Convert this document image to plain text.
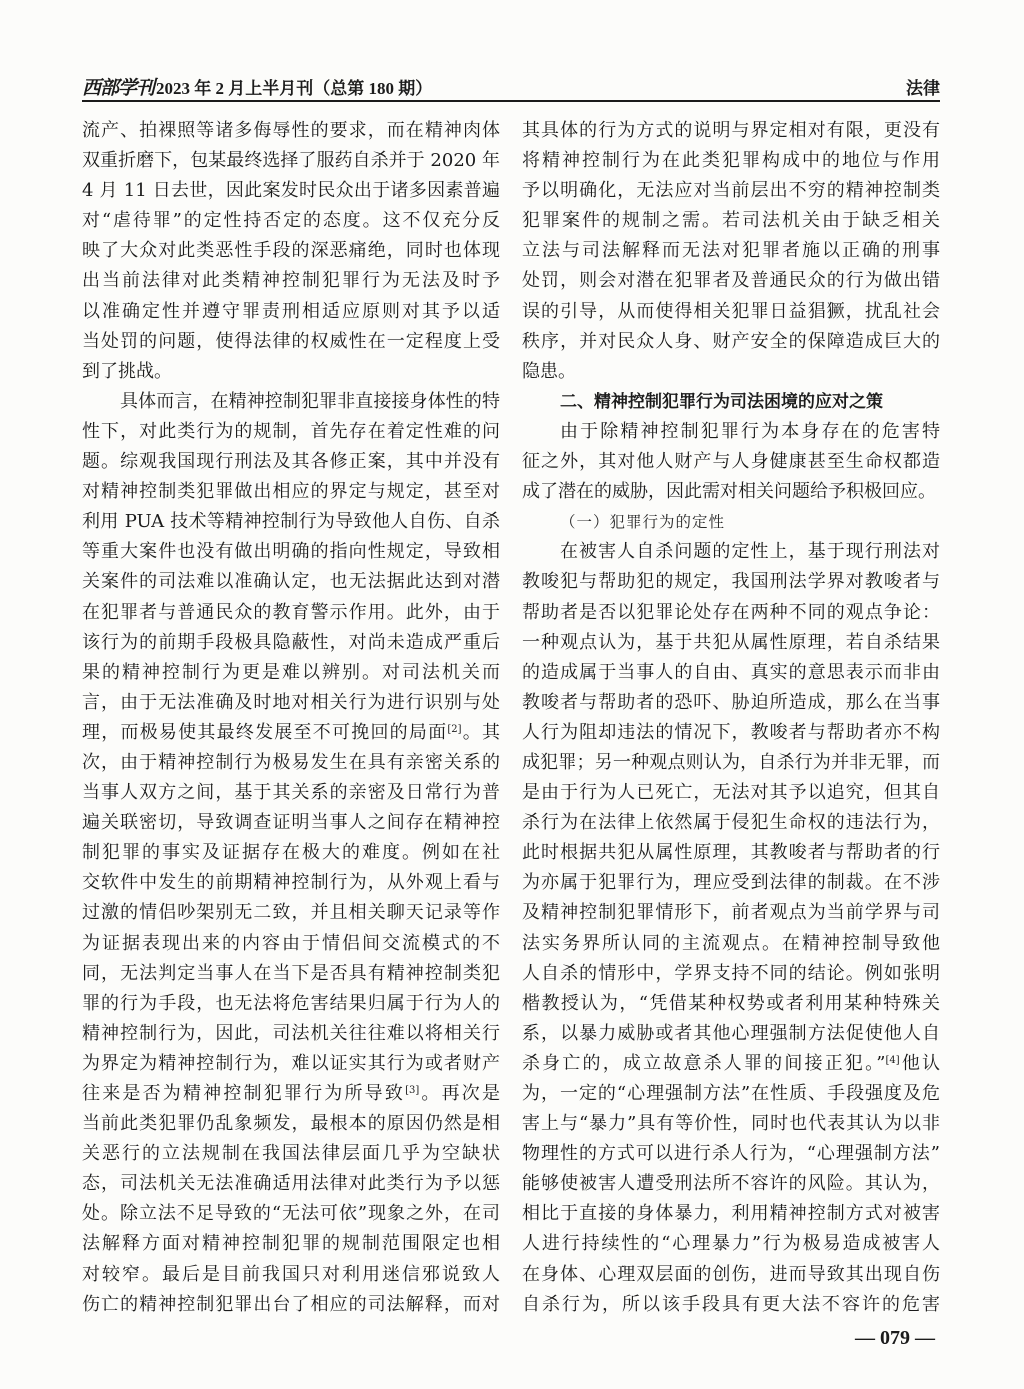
西部学刊 2023 年 2 月上半月刊（总第 180 期）	法律
流产、拍裸照等诸多侮辱性的要求，而在精神肉体
双重折磨下，包某最终选择了服药自杀并于 2020 年
4 月 11 日去世，因此案发时民众出于诸多因素普遍
对“虐待罪”的定性持否定的态度。这不仅充分反
映了大众对此类恶性手段的深恶痛绝，同时也体现
出当前法律对此类精神控制犯罪行为无法及时予
以准确定性并遵守罪责刑相适应原则对其予以适
当处罚的问题，使得法律的权威性在一定程度上受
到了挑战。
具体而言，在精神控制犯罪非直接接身体性的特
性下，对此类行为的规制，首先存在着定性难的问
题。综观我国现行刑法及其各修正案，其中并没有
对精神控制类犯罪做出相应的界定与规定，甚至对
利用 PUA 技术等精神控制行为导致他人自伤、自杀
等重大案件也没有做出明确的指向性规定，导致相
关案件的司法难以准确认定，也无法据此达到对潜
在犯罪者与普通民众的教育警示作用。此外，由于
该行为的前期手段极具隐蔽性，对尚未造成严重后
果的精神控制行为更是难以辨别。对司法机关而
言，由于无法准确及时地对相关行为进行识别与处
理，而极易使其最终发展至不可挽回的局面[2]。其
次，由于精神控制行为极易发生在具有亲密关系的
当事人双方之间，基于其关系的亲密及日常行为普
遍关联密切，导致调查证明当事人之间存在精神控
制犯罪的事实及证据存在极大的难度。例如在社
交软件中发生的前期精神控制行为，从外观上看与
过激的情侣吵架别无二致，并且相关聊天记录等作
为证据表现出来的内容由于情侣间交流模式的不
同，无法判定当事人在当下是否具有精神控制类犯
罪的行为手段，也无法将危害结果归属于行为人的
精神控制行为，因此，司法机关往往难以将相关行
为界定为精神控制行为，难以证实其行为或者财产
往来是否为精神控制犯罪行为所导致[3]。再次是
当前此类犯罪仍乱象频发，最根本的原因仍然是相
关恶行的立法规制在我国法律层面几乎为空缺状
态，司法机关无法准确适用法律对此类行为予以惩
处。除立法不足导致的“无法可依”现象之外，在司
法解释方面对精神控制犯罪的规制范围限定也相
对较窄。最后是目前我国只对利用迷信邪说致人
伤亡的精神控制犯罪出台了相应的司法解释，而对
其具体的行为方式的说明与界定相对有限，更没有
将精神控制行为在此类犯罪构成中的地位与作用
予以明确化，无法应对当前层出不穷的精神控制类
犯罪案件的规制之需。若司法机关由于缺乏相关
立法与司法解释而无法对犯罪者施以正确的刑事
处罚，则会对潜在犯罪者及普通民众的行为做出错
误的引导，从而使得相关犯罪日益猖獗，扰乱社会
秩序，并对民众人身、财产安全的保障造成巨大的
隐患。
二、精神控制犯罪行为司法困境的应对之策
由于除精神控制犯罪行为本身存在的危害特
征之外，其对他人财产与人身健康甚至生命权都造
成了潜在的威胁，因此需对相关问题给予积极回应。
（一）犯罪行为的定性
在被害人自杀问题的定性上，基于现行刑法对
教唆犯与帮助犯的规定，我国刑法学界对教唆者与
帮助者是否以犯罪论处存在两种不同的观点争论：
一种观点认为，基于共犯从属性原理，若自杀结果
的造成属于当事人的自由、真实的意思表示而非由
教唆者与帮助者的恐吓、胁迫所造成，那么在当事
人行为阻却违法的情况下，教唆者与帮助者亦不构
成犯罪；另一种观点则认为，自杀行为并非无罪，而
是由于行为人已死亡，无法对其予以追究，但其自
杀行为在法律上依然属于侵犯生命权的违法行为，
此时根据共犯从属性原理，其教唆者与帮助者的行
为亦属于犯罪行为，理应受到法律的制裁。在不涉
及精神控制犯罪情形下，前者观点为当前学界与司
法实务界所认同的主流观点。在精神控制导致他
人自杀的情形中，学界支持不同的结论。例如张明
楷教授认为，“凭借某种权势或者利用某种特殊关
系，以暴力威胁或者其他心理强制方法促使他人自
杀身亡的，成立故意杀人罪的间接正犯。”[4]他认
为，一定的“心理强制方法”在性质、手段强度及危
害上与“暴力”具有等价性，同时也代表其认为以非
物理性的方式可以进行杀人行为，“心理强制方法”
能够使被害人遭受刑法所不容许的风险。其认为，
相比于直接的身体暴力，利用精神控制方式对被害
人进行持续性的“心理暴力”行为极易造成被害人
在身体、心理双层面的创伤，进而导致其出现自伤
自杀行为，所以该手段具有更大法不容许的危害
— 079 —
